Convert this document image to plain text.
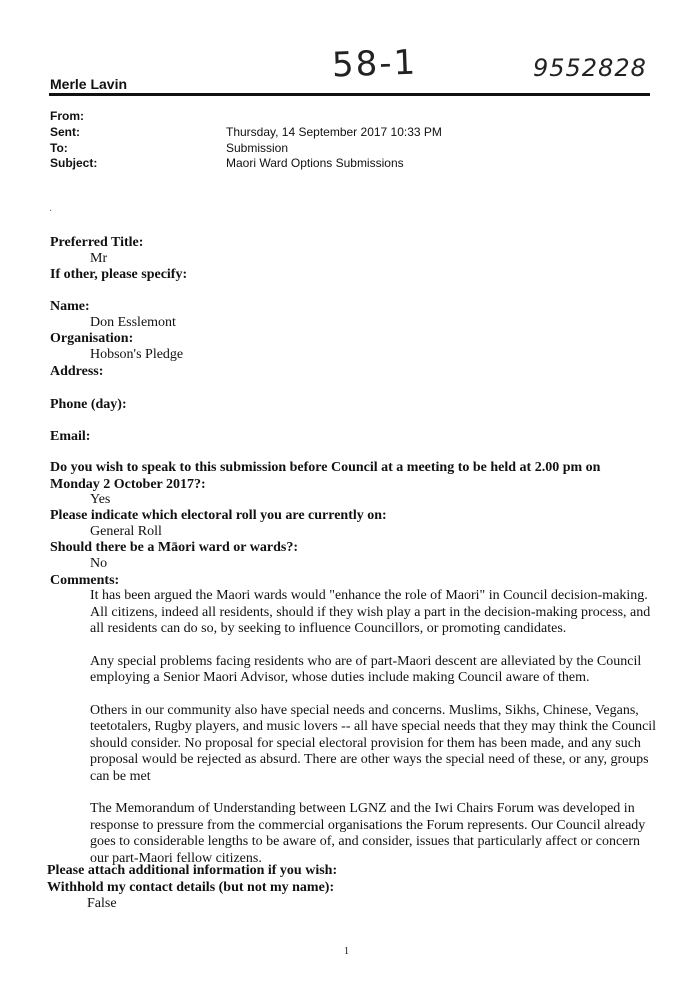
58-1	9552828
Merle Lavin
From:
Sent:	Thursday, 14 September 2017 10:33 PM
To:	Submission
Subject:	Maori Ward Options Submissions
·
Preferred Title:
Mr
If other, please specify:
Name:
Don Esslemont
Organisation:
Hobson's Pledge
Address:
Phone (day):
Email:
Do you wish to speak to this submission before Council at a meeting to be held at 2.00 pm on Monday 2 October 2017?:
Yes
Please indicate which electoral roll you are currently on:
General Roll
Should there be a Māori ward or wards?:
No
Comments:

It has been argued the Maori wards would "enhance the role of Maori" in Council decision-making. All citizens, indeed all residents, should if they wish play a part in the decision-making process, and all residents can do so, by seeking to influence Councillors, or promoting candidates.

Any special problems facing residents who are of part-Maori descent are alleviated by the Council employing a Senior Maori Advisor, whose duties include making Council aware of them.

Others in our community also have special needs and concerns. Muslims, Sikhs, Chinese, Vegans, teetotalers, Rugby players, and music lovers -- all have special needs that they may think the Council should consider. No proposal for special electoral provision for them has been made, and any such proposal would be rejected as absurd. There are other ways the special need of these, or any, groups can be met

The Memorandum of Understanding between LGNZ and the Iwi Chairs Forum was developed in response to pressure from the commercial organisations the Forum represents. Our Council already goes to considerable lengths to be aware of, and consider, issues that particularly affect or concern our part-Maori fellow citizens.

Please attach additional information if you wish:
Withhold my contact details (but not my name):
False
1
